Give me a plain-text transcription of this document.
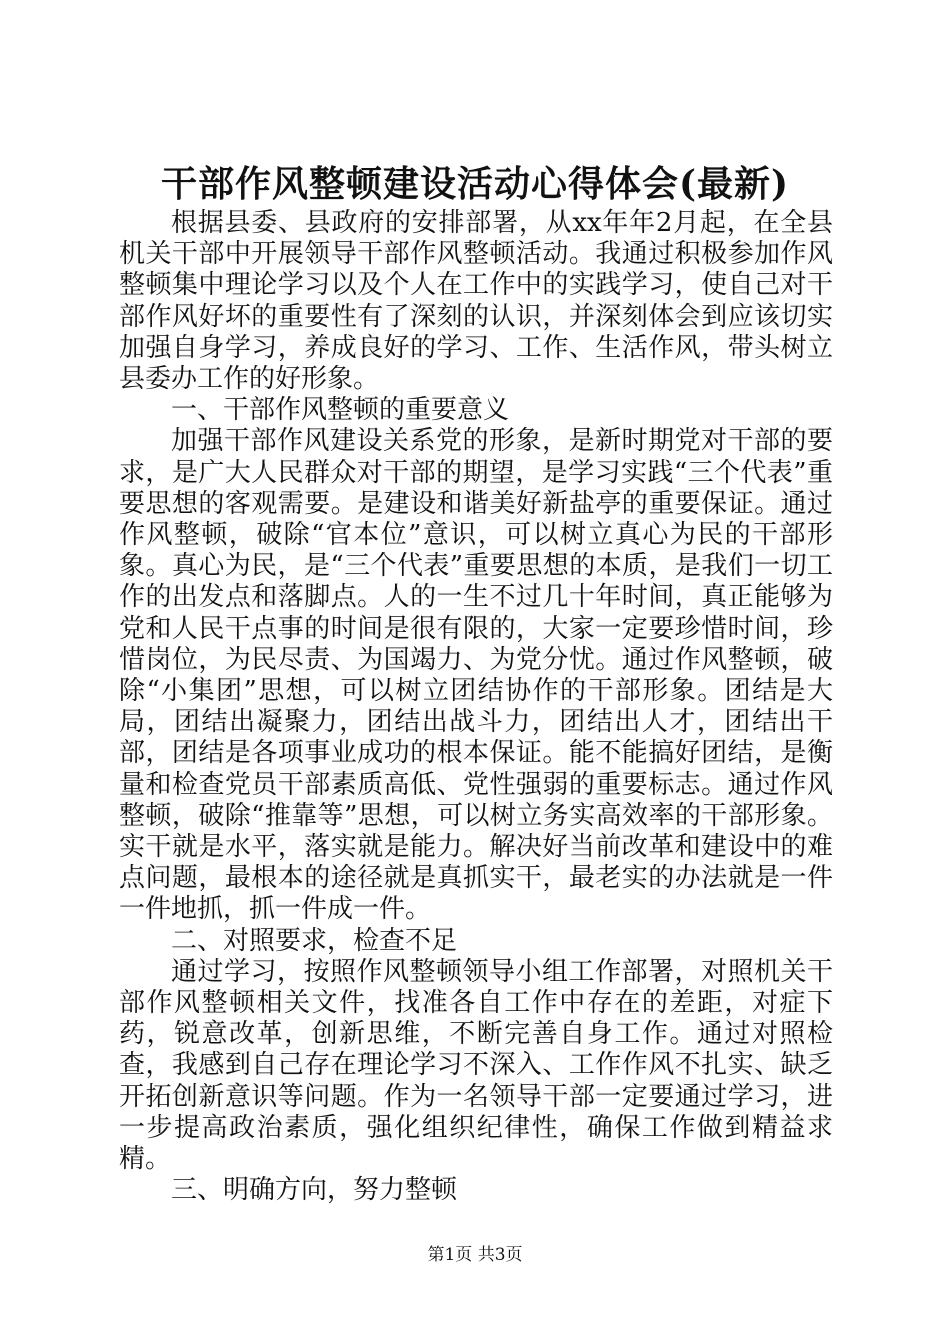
干部作风整顿建设活动心得体会(最新)

根据县委、县政府的安排部署，从xx年年2月起，在全县机关干部中开展领导干部作风整顿活动。我通过积极参加作风整顿集中理论学习以及个人在工作中的实践学习，使自己对干部作风好坏的重要性有了深刻的认识，并深刻体会到应该切实加强自身学习，养成良好的学习、工作、生活作风，带头树立县委办工作的好形象。

一、干部作风整顿的重要意义

加强干部作风建设关系党的形象，是新时期党对干部的要求，是广大人民群众对干部的期望，是学习实践“三个代表”重要思想的客观需要。是建设和谐美好新盐亭的重要保证。通过作风整顿，破除“官本位”意识，可以树立真心为民的干部形象。真心为民，是“三个代表”重要思想的本质，是我们一切工作的出发点和落脚点。人的一生不过几十年时间，真正能够为党和人民干点事的时间是很有限的，大家一定要珍惜时间，珍惜岗位，为民尽责、为国竭力、为党分忧。通过作风整顿，破除“小集团”思想，可以树立团结协作的干部形象。团结是大局，团结出凝聚力，团结出战斗力，团结出人才，团结出干部，团结是各项事业成功的根本保证。能不能搞好团结，是衡量和检查党员干部素质高低、党性强弱的重要标志。通过作风整顿，破除“推靠等”思想，可以树立务实高效率的干部形象。实干就是水平，落实就是能力。解决好当前改革和建设中的难点问题，最根本的途径就是真抓实干，最老实的办法就是一件一件地抓，抓一件成一件。

二、对照要求，检查不足

通过学习，按照作风整顿领导小组工作部署，对照机关干部作风整顿相关文件，找准各自工作中存在的差距，对症下药，锐意改革，创新思维，不断完善自身工作。通过对照检查，我感到自己存在理论学习不深入、工作作风不扎实、缺乏开拓创新意识等问题。作为一名领导干部一定要通过学习，进一步提高政治素质，强化组织纪律性，确保工作做到精益求精。

三、明确方向，努力整顿

第1页 共3页
